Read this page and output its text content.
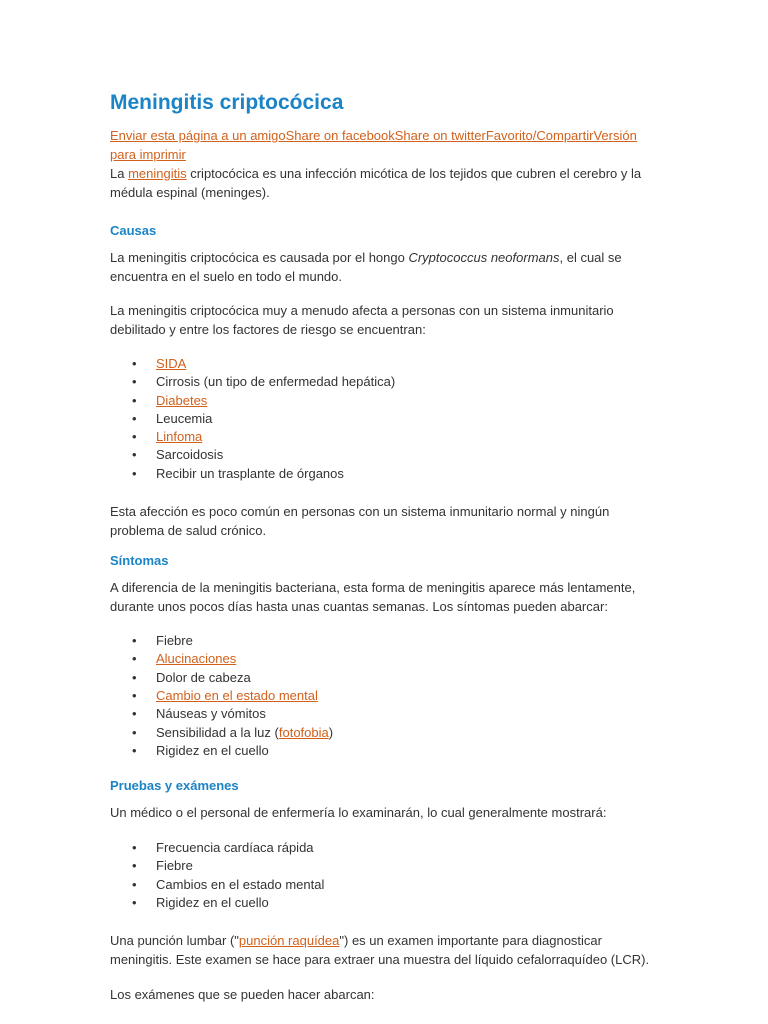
Meningitis criptocócica
Enviar esta página a un amigoShare on facebookShare on twitterFavorito/CompartirVersión para imprimir

La meningitis criptocócica es una infección micótica de los tejidos que cubren el cerebro y la médula espinal (meninges).

Causas

La meningitis criptocócica es causada por el hongo Cryptococcus neoformans, el cual se encuentra en el suelo en todo el mundo.

La meningitis criptocócica muy a menudo afecta a personas con un sistema inmunitario debilitado y entre los factores de riesgo se encuentran:

• SIDA
• Cirrosis (un tipo de enfermedad hepática)
• Diabetes
• Leucemia
• Linfoma
• Sarcoidosis
• Recibir un trasplante de órganos

Esta afección es poco común en personas con un sistema inmunitario normal y ningún problema de salud crónico.

Síntomas

A diferencia de la meningitis bacteriana, esta forma de meningitis aparece más lentamente, durante unos pocos días hasta unas cuantas semanas. Los síntomas pueden abarcar:

• Fiebre
• Alucinaciones
• Dolor de cabeza
• Cambio en el estado mental
• Náuseas y vómitos
• Sensibilidad a la luz (fotofobia)
• Rigidez en el cuello
Pruebas y exámenes

Un médico o el personal de enfermería lo examinarán, lo cual generalmente mostrará:

• Frecuencia cardíaca rápida
• Fiebre
• Cambios en el estado mental
• Rigidez en el cuello

Una punción lumbar ("punción raquídea") es un examen importante para diagnosticar meningitis. Este examen se hace para extraer una muestra del líquido cefalorraquídeo (LCR).

Los exámenes que se pueden hacer abarcan:
